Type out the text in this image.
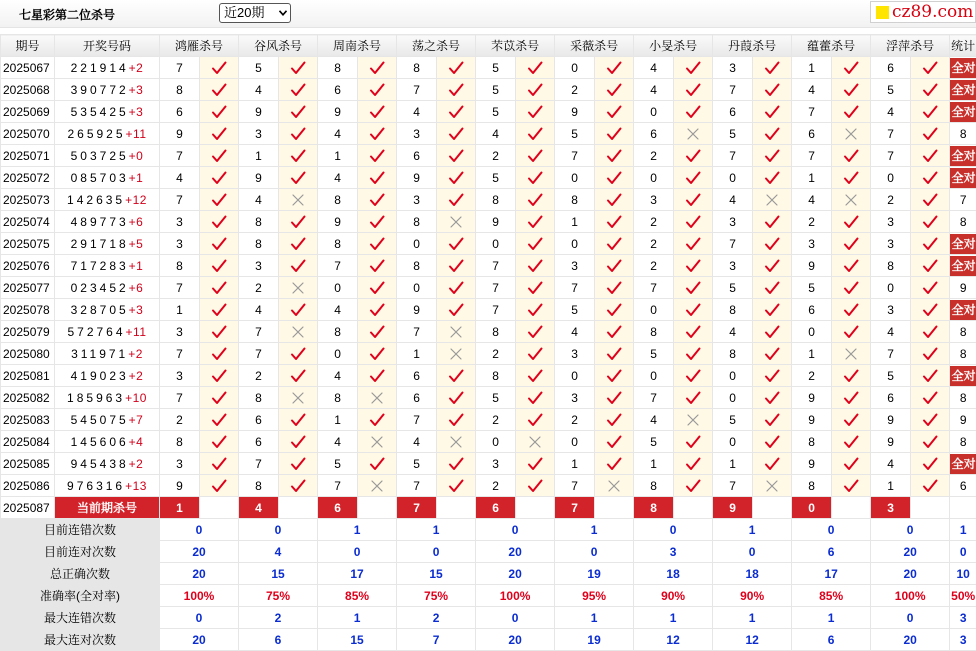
七星彩第二位杀号	近20期	cz89.com
期号	开奖号码	鸿雁杀号		谷风杀号		周南杀号		荡之杀号		芣苡杀号		采薇杀号		小旻杀号		丹葭杀号		蕴藿杀号		浮萍杀号		统计
2025067	221914+2	7		5		8		8		5		0		4		3		1		6		全对
2025068	390772+3	8		4		6		7		5		2		4		7		4		5		全对
2025069	535425+3	6		9		9		4		5		9		0		6		7		4		全对
2025070	265925+11	9		3		4		3		4		5		6		5		6		7		8
2025071	503725+0	7		1		1		6		2		7		2		7		7		7		全对
2025072	085703+1	4		9		4		9		5		0		0		0		1		0		全对
2025073	142635+12	7		4		8		3		8		8		3		4		4		2		7
2025074	489773+6	3		8		9		8		9		1		2		3		2		3		8
2025075	291718+5	3		8		8		0		0		0		2		7		3		3		全对
2025076	717283+1	8		3		7		8		7		3		2		3		9		8		全对
2025077	023452+6	7		2		0		0		7		7		7		5		5		0		9
2025078	328705+3	1		4		4		9		7		5		0		8		6		3		全对
2025079	572764+11	3		7		8		7		8		4		8		4		0		4		8
2025080	311971+2	7		7		0		1		2		3		5		8		1		7		8
2025081	419023+2	3		2		4		6		8		0		0		0		2		5		全对
2025082	185963+10	7		8		8		6		5		3		7		0		9		6		8
2025083	545075+7	2		6		1		7		2		2		4		5		9		9		9
2025084	145606+4	8		6		4		4		0		0		5		0		8		9		8
2025085	945438+2	3		7		5		5		3		1		1		1		9		4		全对
2025086	976316+13	9		8		7		7		2		7		8		7		8		1		6
2025087	当前期杀号	1		4		6		7		6		7		8		9		0		3		
目前连错次数		0		0		1		1		0		1		0		1		0		0		1
目前连对次数		20		4		0		0		20		0		3		0		6		20		0
总正确次数		20		15		17		15		20		19		18		18		17		20		10
准确率(全对率)		100%		75%		85%		75%		100%		95%		90%		90%		85%		100%		50%
最大连错次数		0		2		1		2		0		1		1		1		1		0		3
最大连对次数		20		6		15		7		20		19		12		12		6		20		3
